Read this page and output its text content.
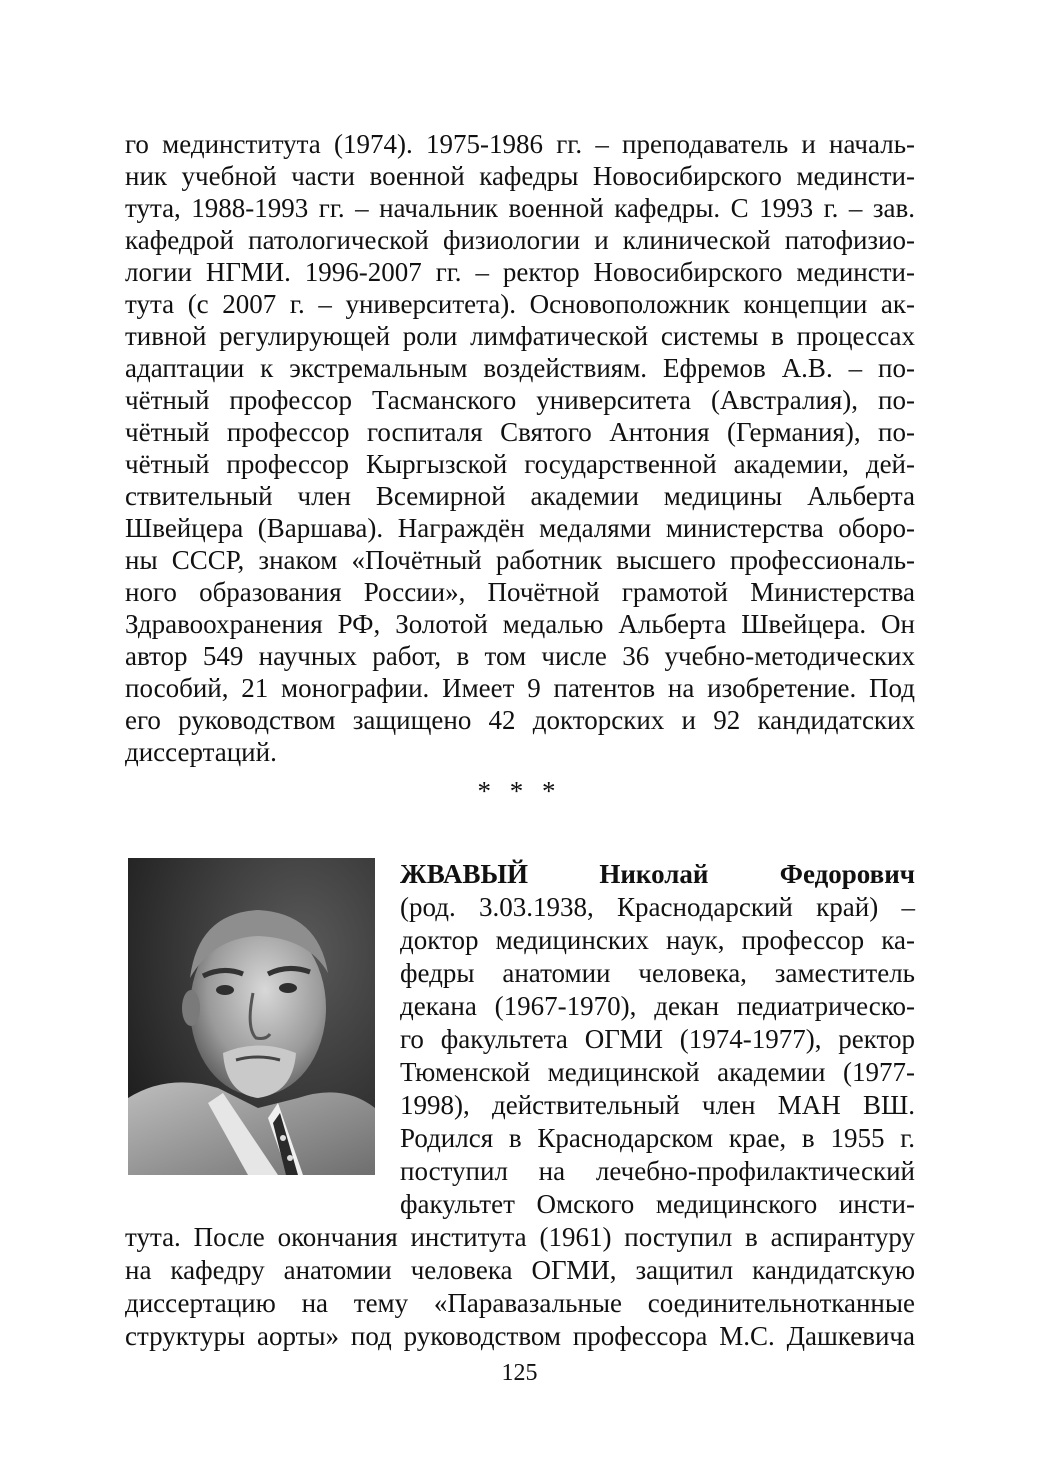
го мединститута (1974). 1975-1986 гг. – преподаватель и началь-
ник учебной части военной кафедры Новосибирского мединсти-
тута, 1988-1993 гг. – начальник военной кафедры. С 1993 г. – зав.
кафедрой патологической физиологии и клинической патофизио-
логии НГМИ. 1996-2007 гг. – ректор Новосибирского мединсти-
тута (с 2007 г. – университета). Основоположник концепции ак-
тивной регулирующей роли лимфатической системы в процессах
адаптации к экстремальным воздействиям. Ефремов А.В. – по-
чётный профессор Тасманского университета (Австралия), по-
чётный профессор госпиталя Святого Антония (Германия), по-
чётный профессор Кыргызской государственной академии, дей-
ствительный член Всемирной академии медицины Альберта
Швейцера (Варшава). Награждён медалями министерства оборо-
ны СССР, знаком «Почётный работник высшего профессиональ-
ного образования России», Почётной грамотой Министерства
Здравоохранения РФ, Золотой медалью Альберта Швейцера. Он
автор 549 научных работ, в том числе 36 учебно-методических
пособий, 21 монографии. Имеет 9 патентов на изобретение. Под
его руководством защищено 42 докторских и 92 кандидатских
диссертаций.
* * *
ЖВАВЫЙ Николай Федорович
(род. 3.03.1938, Краснодарский край) –
доктор медицинских наук, профессор ка-
федры анатомии человека, заместитель
декана (1967-1970), декан педиатрическо-
го факультета ОГМИ (1974-1977), ректор
Тюменской медицинской академии (1977-
1998), действительный член МАН ВШ.
Родился в Краснодарском крае, в 1955 г.
поступил на лечебно-профилактический
факультет Омского медицинского инсти-
тута. После окончания института (1961) поступил в аспирантуру
на кафедру анатомии человека ОГМИ, защитил кандидатскую
диссертацию на тему «Паравазальные соединительнотканные
структуры аорты» под руководством профессора М.С. Дашкевича
125
